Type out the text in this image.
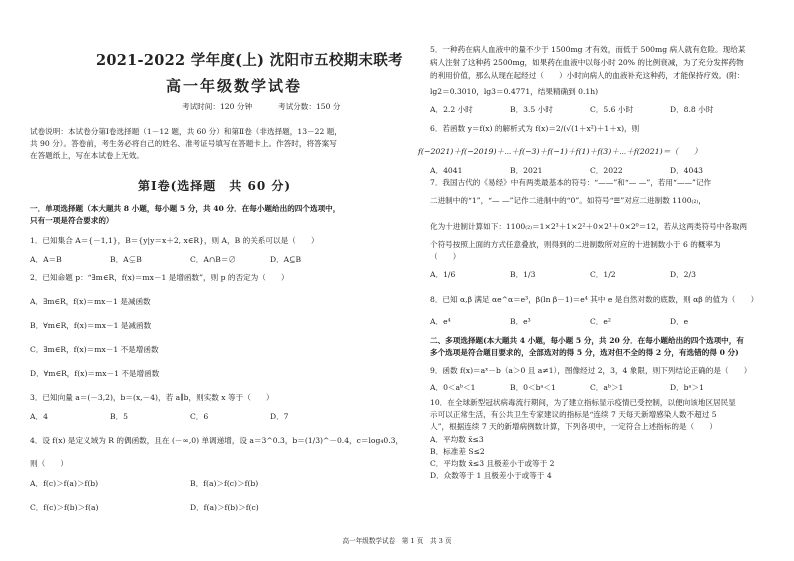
2021-2022 学年度(上) 沈阳市五校期末联考
高一年级数学试卷
考试时间：120 分钟	考试分数：150 分
试卷说明：本试卷分第Ⅰ卷选择题（1－12 题，共 60 分）和第Ⅱ卷（非选择题，13－22 题，
共 90 分）。答卷前，考生务必将自己的姓名、准考证号填写在答题卡上。作答时，将答案写
在答题纸上，写在本试卷上无效。
第Ⅰ卷(选择题　共 60 分)
一．单项选择题（本大题共 8 小题，每小题 5 分，共 40 分．在每小题给出的四个选项中，
只有一项是符合要求的）
1．已知集合 A＝{－1,1}，B＝{y|y＝x＋2, x∈R}，则 A，B 的关系可以是（　　）
A．A＝B	B．A⊊B	C．A∩B＝∅	D．A⊆B
2．已知命题 p：“∃m∈R，f(x)＝mx－1 是增函数”，则 p 的否定为（　　）
A．∃m∈R，f(x)＝mx－1 是减函数
B．∀m∈R，f(x)＝mx－1 是减函数
C．∃m∈R，f(x)＝mx－1 不是增函数
D．∀m∈R，f(x)＝mx－1 不是增函数
3．已知向量 a＝(－3,2)，b＝(x,－4)，若 a∥b，则实数 x 等于（　　）
A．4	B．5	C．6	D．7
4．设 f(x) 是定义域为 R 的偶函数，且在 (－∞,0) 单调递增，设 a＝3^0.3，b＝(1/3)^－0.4，c＝log₄0.3，
则（　　）
A．f(c)＞f(a)＞f(b)	B．f(a)＞f(c)＞f(b)
C．f(c)＞f(b)＞f(a)	D．f(a)＞f(b)＞f(c)
5．一种药在病人血液中的量不少于 1500mg 才有效，而低于 500mg 病人就有危险。现给某
病人注射了这种药 2500mg，如果药在血液中以每小时 20% 的比例衰减，为了充分发挥药物
的利用价值，那么从现在起经过（　　）小时向病人的血液补充这种药，才能保持疗效。(附：
lg2＝0.3010，lg3＝0.4771，结果精确到 0.1h)
A．2.2 小时	B．3.5 小时	C．5.6 小时	D．8.8 小时
6．若函数 y＝f(x) 的解析式为 f(x)＝2/(√(1＋x²)＋1＋x)，则
f(−2021)＋f(−2019)＋⋯＋f(−3)＋f(−1)＋f(1)＋f(3)＋⋯＋f(2021)＝（　　）
A．4041	B．2021	C．2022	D．4043
7．我国古代的《易经》中有两类最基本的符号：“——”和“— —”，若用“——”记作
二进制中的“1”，“— —”记作二进制中的“0”。如符号“☰”对应二进制数 1100₍₂₎，
化为十进制计算如下：1100₍₂₎＝1×2³＋1×2²＋0×2¹＋0×2⁰＝12，若从这两类符号中各取两
个符号按照上面的方式任意叠放，则得到的二进制数所对应的十进制数小于 6 的概率为
（　　）
A．1/6	B．1/3	C．1/2	D．2/3
8．已知 α,β 满足 αe^α＝e³，β(ln β－1)＝e⁴ 其中 e 是自然对数的底数，则 αβ 的值为（　　）
A．e⁴	B．e³	C．e²	D．e
二、多项选择题(本大题共 4 小题，每小题 5 分，共 20 分．在每小题给出的四个选项中，有
多个选项是符合题目要求的，全部选对的得 5 分，选对但不全的得 2 分，有选错的得 0 分)
9．函数 f(x)＝aˣ－b（a＞0 且 a≠1），图像经过 2，3，4 象限，则下列结论正确的是（　　）
A．0＜aᵇ＜1	B．0＜bᵃ＜1	C．aᵇ＞1	D．bᵃ＞1
10．在全球新型冠状病毒流行期间，为了建立指标显示疫情已受控制，以便向该地区居民显
示可以正常生活，有公共卫生专家建议的指标是“连续 7 天每天新增感染人数不超过 5
人”，根据连续 7 天的新增病例数计算，下列各项中，一定符合上述指标的是（　　）
A．平均数 x̄≤3
B．标准差 S≤2
C．平均数 x̄≤3 且极差小于或等于 2
D．众数等于 1 且极差小于或等于 4
高一年级数学试卷　第 1 页　共 3 页
